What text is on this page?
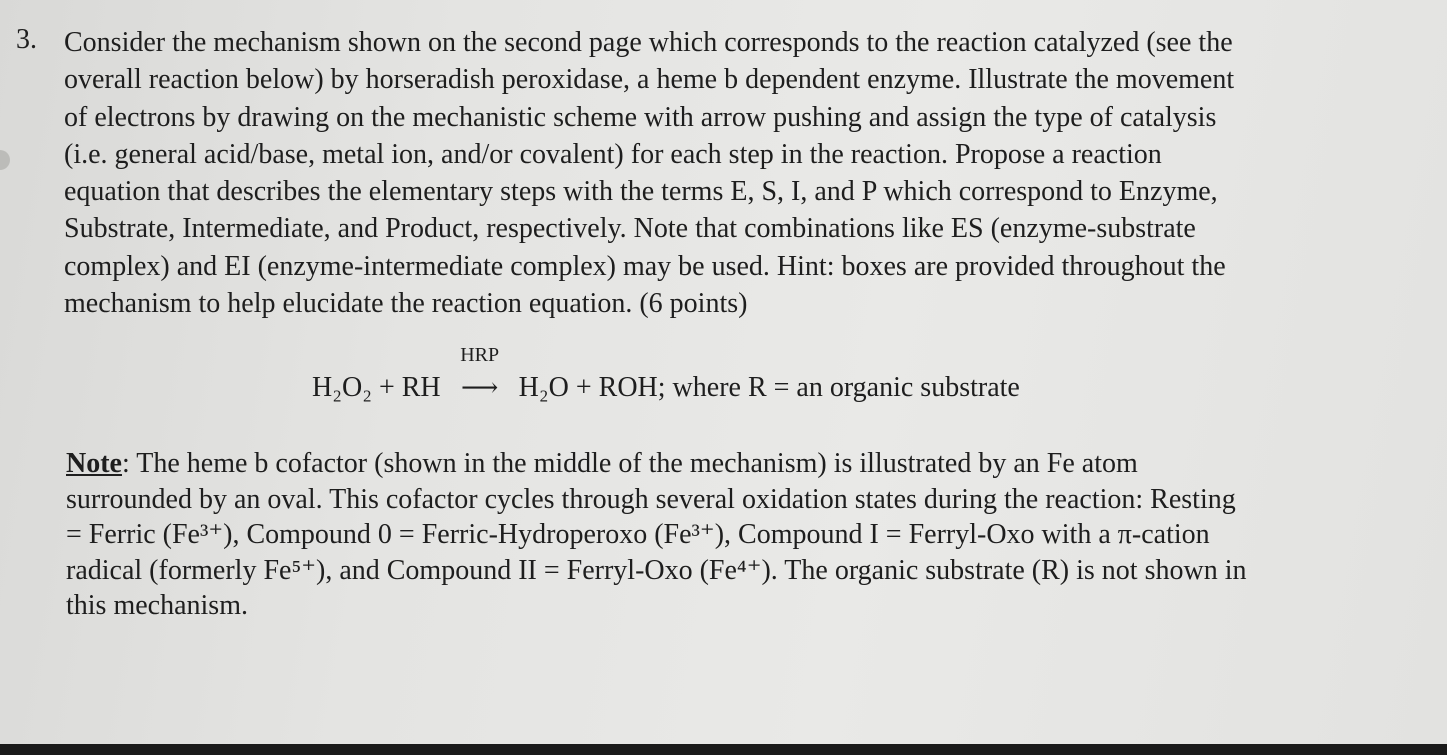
3. Consider the mechanism shown on the second page which corresponds to the reaction catalyzed (see the
overall reaction below) by horseradish peroxidase, a heme b dependent enzyme. Illustrate the movement
of electrons by drawing on the mechanistic scheme with arrow pushing and assign the type of catalysis
(i.e. general acid/base, metal ion, and/or covalent) for each step in the reaction. Propose a reaction
equation that describes the elementary steps with the terms E, S, I, and P which correspond to Enzyme,
Substrate, Intermediate, and Product, respectively. Note that combinations like ES (enzyme-substrate
complex) and EI (enzyme-intermediate complex) may be used. Hint: boxes are provided throughout the
mechanism to help elucidate the reaction equation. (6 points)
H₂O₂ + RH
HRP
⟶ H₂O + ROH; where R = an organic substrate
Note: The heme b cofactor (shown in the middle of the mechanism) is illustrated by an Fe atom
surrounded by an oval. This cofactor cycles through several oxidation states during the reaction: Resting
= Ferric (Fe³⁺), Compound 0 = Ferric-Hydroperoxo (Fe³⁺), Compound I = Ferryl-Oxo with a π-cation
radical (formerly Fe⁵⁺), and Compound II = Ferryl-Oxo (Fe⁴⁺). The organic substrate (R) is not shown in
this mechanism.
